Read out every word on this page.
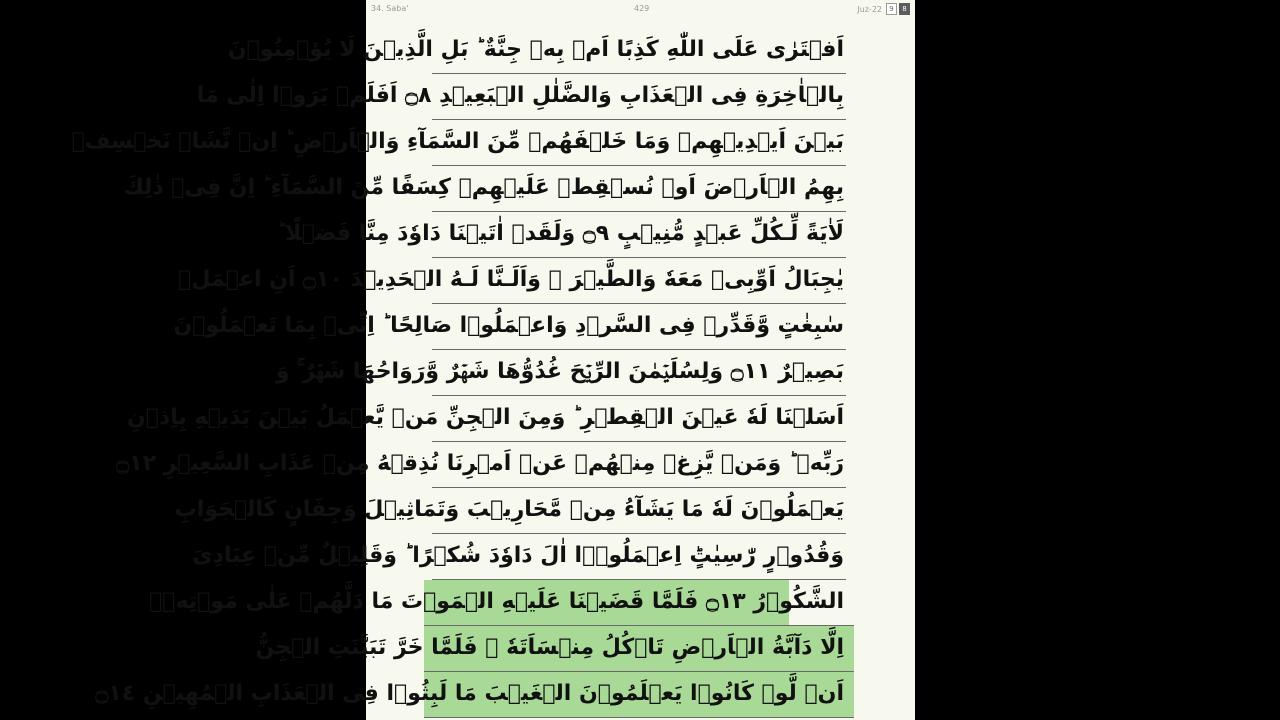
34. Saba'	429	Juz-22	9	8
اَفۡتَرٰى عَلَى اللّٰهِ كَذِبًا اَمۡ بِهٖ جِنَّةٌ ‌ؕ بَلِ الَّذِيۡنَ لَا يُؤۡمِنُوۡنَ
بِالۡاٰخِرَةِ فِى الۡعَذَابِ وَالضَّلٰلِ الۡبَعِيۡدِ ۝٨ اَفَلَمۡ يَرَوۡا اِلٰى مَا
بَيۡنَ اَيۡدِيۡهِمۡ وَمَا خَلۡفَهُمۡ مِّنَ السَّمَآءِ وَالۡاَرۡضِ‌ ؕ اِنۡ نَّشَاۡ نَخۡسِفۡ
بِهِمُ الۡاَرۡضَ اَوۡ نُسۡقِطۡ عَلَيۡهِمۡ كِسَفًا مِّنَ السَّمَآءِ‌ ؕ اِنَّ فِىۡ ذٰلِكَ
لَاٰيَةً لِّـكُلِّ عَبۡدٍ مُّنِيۡبٍ ۝٩ وَلَقَدۡ اٰتَيۡنَا دَاوٗدَ مِنَّا فَضۡلًا‌ ؕ
يٰجِبَالُ اَوِّبِىۡ مَعَهٗ وَالطَّيۡرَ‌ ۚ وَاَلَـنَّا لَـهُ الۡحَدِيۡدَ ۝١٠ اَنِ اعۡمَلۡ
سٰبِغٰتٍ وَّقَدِّرۡ فِى السَّرۡدِ‌ وَاعۡمَلُوۡا صَالِحًا ‌ؕ اِنِّىۡ بِمَا تَعۡمَلُوۡنَ
بَصِيۡرٌ ۝١١ وَلِسُلَيۡمٰنَ الرِّيۡحَ غُدُوُّهَا شَهۡرٌ وَّرَوَاحُهَا شَهۡرٌ‌ ۚ وَ
اَسَلۡنَا لَهٗ عَيۡنَ الۡقِطۡرِ‌ ؕ وَمِنَ الۡجِنِّ مَنۡ يَّعۡمَلُ بَيۡنَ يَدَيۡهِ بِاِذۡنِ
رَبِّهٖ‌ ؕ وَمَنۡ يَّزِغۡ مِنۡهُمۡ عَنۡ اَمۡرِنَا نُذِقۡهُ مِنۡ عَذَابِ السَّعِيۡرِ ۝١٢
يَعۡمَلُوۡنَ لَهٗ مَا يَشَآءُ مِنۡ مَّحَارِيۡبَ وَتَمَاثِيۡلَ وَجِفَانٍ كَالۡجَوَابِ
وَقُدُوۡرٍ رّٰسِيٰتٍ‌ؕ اِعۡمَلُوۡۤا اٰلَ دَاوٗدَ شُكۡرًا‌ ؕ وَقَلِيۡلٌ مِّنۡ عِبَادِىَ
الشَّكُوۡرُ ۝١٣ فَلَمَّا قَضَيۡنَا عَلَيۡهِ الۡمَوۡتَ مَا دَلَّهُمۡ عَلٰى مَوۡتِهٖۤ
اِلَّا دَآبَّةُ الۡاَرۡضِ تَاۡكُلُ مِنۡسَاَتَهٗ‌ ۚ فَلَمَّا خَرَّ تَبَيَّنَتِ الۡجِنُّ
اَنۡ لَّوۡ كَانُوۡا يَعۡلَمُوۡنَ الۡغَيۡبَ مَا لَبِثُوۡا فِى الۡعَذَابِ الۡمُهِيۡنِ ۝١٤
